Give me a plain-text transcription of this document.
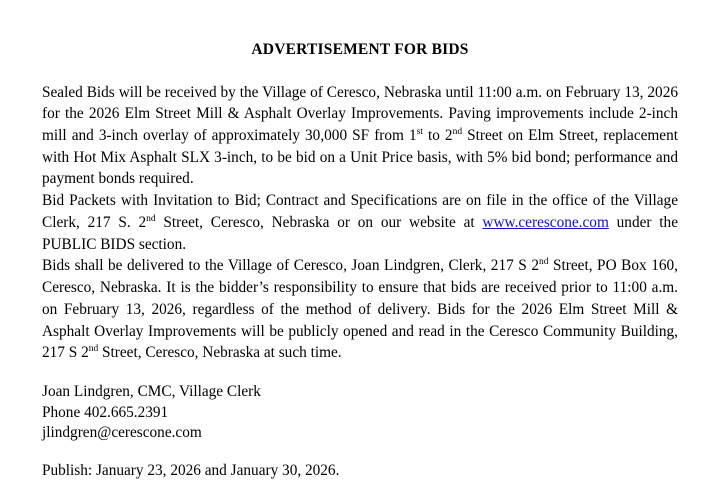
ADVERTISEMENT FOR BIDS

Sealed Bids will be received by the Village of Ceresco, Nebraska until 11:00 a.m. on February 13, 2026 for the 2026 Elm Street Mill & Asphalt Overlay Improvements. Paving improvements include 2-inch mill and 3-inch overlay of approximately 30,000 SF from 1st to 2nd Street on Elm Street, replacement with Hot Mix Asphalt SLX 3-inch, to be bid on a Unit Price basis, with 5% bid bond; performance and payment bonds required.

Bid Packets with Invitation to Bid; Contract and Specifications are on file in the office of the Village Clerk, 217 S. 2nd Street, Ceresco, Nebraska or on our website at www.cerescone.com under the PUBLIC BIDS section.

Bids shall be delivered to the Village of Ceresco, Joan Lindgren, Clerk, 217 S 2nd Street, PO Box 160, Ceresco, Nebraska. It is the bidder’s responsibility to ensure that bids are received prior to 11:00 a.m. on February 13, 2026, regardless of the method of delivery. Bids for the 2026 Elm Street Mill & Asphalt Overlay Improvements will be publicly opened and read in the Ceresco Community Building, 217 S 2nd Street, Ceresco, Nebraska at such time.

Joan Lindgren, CMC, Village Clerk
Phone 402.665.2391
jlindgren@cerescone.com
Publish: January 23, 2026 and January 30, 2026.
